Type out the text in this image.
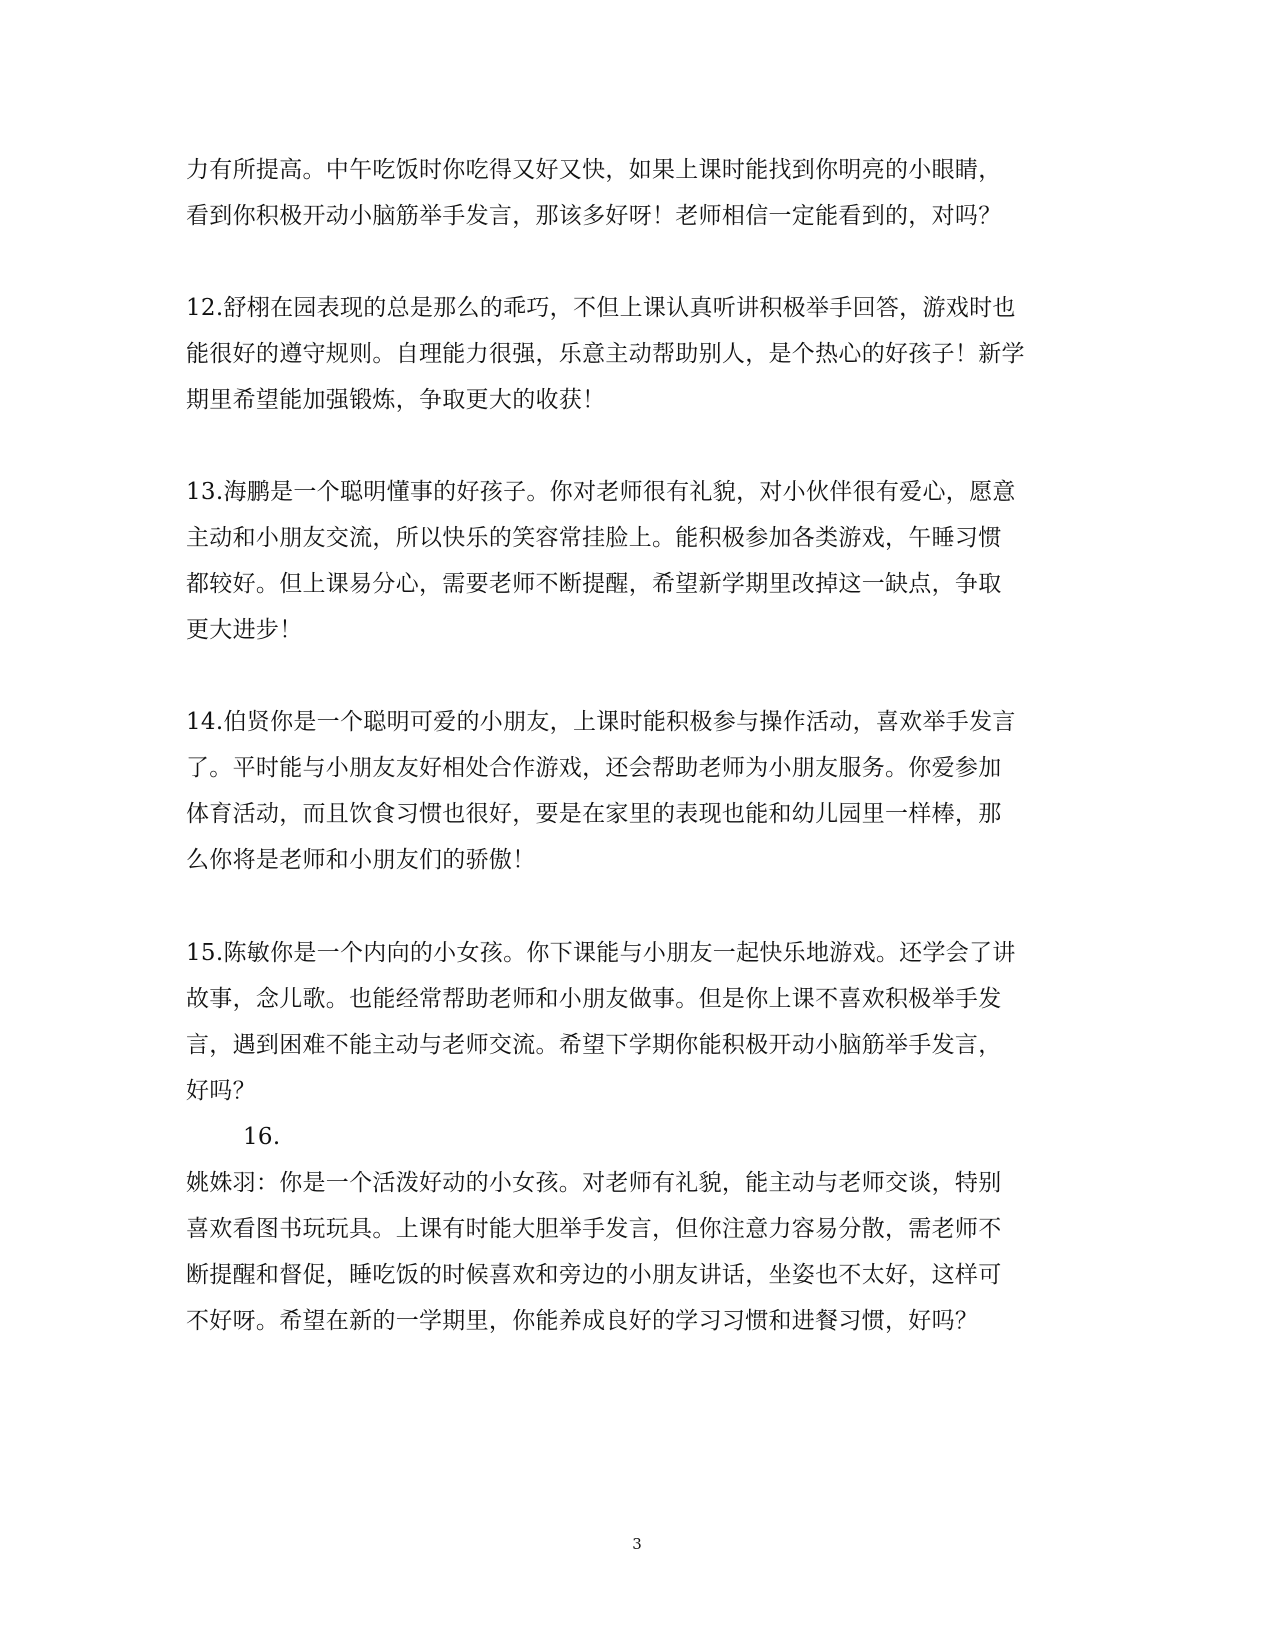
力有所提高。中午吃饭时你吃得又好又快，如果上课时能找到你明亮的小眼睛，
看到你积极开动小脑筋举手发言，那该多好呀！老师相信一定能看到的，对吗？
12.舒栩在园表现的总是那么的乖巧，不但上课认真听讲积极举手回答，游戏时也
能很好的遵守规则。自理能力很强，乐意主动帮助别人，是个热心的好孩子！新学
期里希望能加强锻炼，争取更大的收获！
13.海鹏是一个聪明懂事的好孩子。你对老师很有礼貌，对小伙伴很有爱心，愿意
主动和小朋友交流，所以快乐的笑容常挂脸上。能积极参加各类游戏，午睡习惯
都较好。但上课易分心，需要老师不断提醒，希望新学期里改掉这一缺点，争取
更大进步！
14.伯贤你是一个聪明可爱的小朋友，上课时能积极参与操作活动，喜欢举手发言
了。平时能与小朋友友好相处合作游戏，还会帮助老师为小朋友服务。你爱参加
体育活动，而且饮食习惯也很好，要是在家里的表现也能和幼儿园里一样棒，那
么你将是老师和小朋友们的骄傲！
15.陈敏你是一个内向的小女孩。你下课能与小朋友一起快乐地游戏。还学会了讲
故事，念儿歌。也能经常帮助老师和小朋友做事。但是你上课不喜欢积极举手发
言，遇到困难不能主动与老师交流。希望下学期你能积极开动小脑筋举手发言，
好吗？
16.
姚姝羽：你是一个活泼好动的小女孩。对老师有礼貌，能主动与老师交谈，特别
喜欢看图书玩玩具。上课有时能大胆举手发言，但你注意力容易分散，需老师不
断提醒和督促，睡吃饭的时候喜欢和旁边的小朋友讲话，坐姿也不太好，这样可
不好呀。希望在新的一学期里，你能养成良好的学习习惯和进餐习惯，好吗？
3
